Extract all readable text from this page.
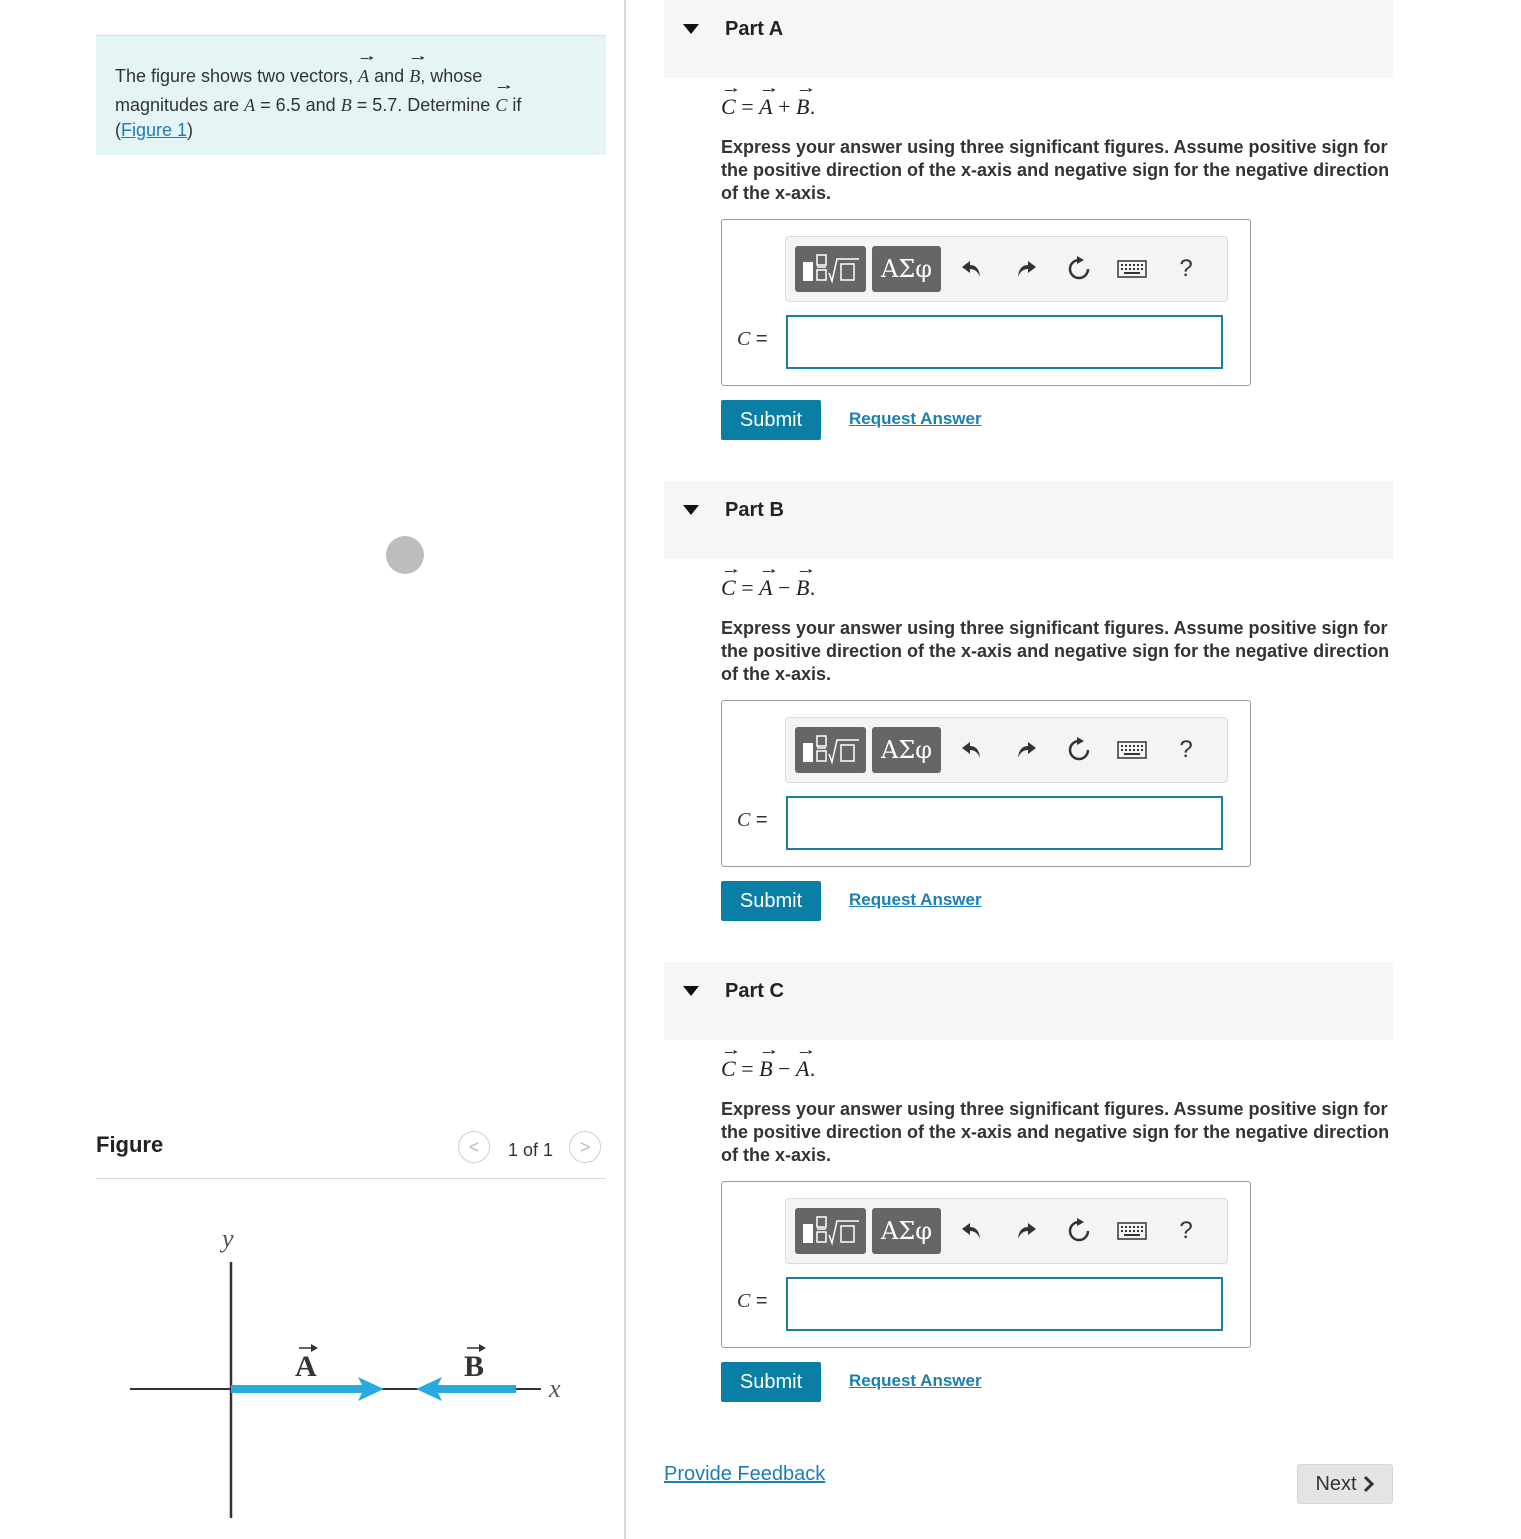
The figure shows two vectors, A and B, whose
magnitudes are A = 6.5 and B = 5.7. Determine C if
(Figure 1)
Figure	< 1 of 1 >
y
x
A	B
Part A
C = A + B.
Express your answer using three significant figures. Assume positive sign for the positive direction of the x-axis and negative sign for the negative direction of the x-axis.
ΑΣφ	?
C =
Submit	Request Answer
Part B
C = A − B.
Express your answer using three significant figures. Assume positive sign for the positive direction of the x-axis and negative sign for the negative direction of the x-axis.
ΑΣφ	?
C =
Submit	Request Answer
Part C
C = B − A.
Express your answer using three significant figures. Assume positive sign for the positive direction of the x-axis and negative sign for the negative direction of the x-axis.
ΑΣφ	?
C =
Submit	Request Answer
Provide Feedback	Next
